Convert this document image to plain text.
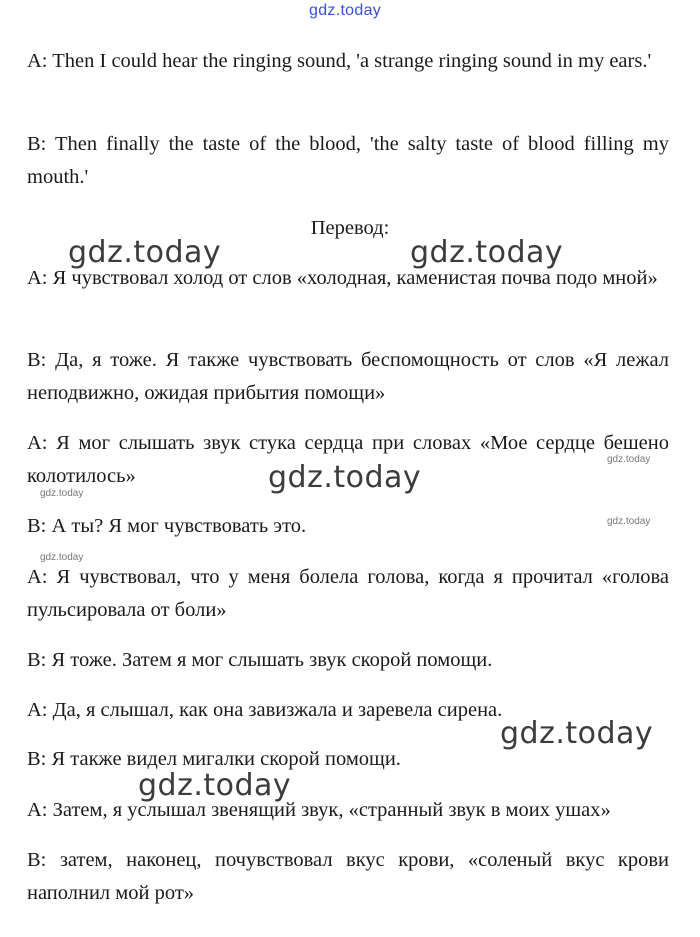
gdz.today

A: Then I could hear the ringing sound, 'a strange ringing sound in my ears.'

B: Then finally the taste of the blood, 'the salty taste of blood filling my mouth.'

Перевод:

A: Я чувствовал холод от слов «холодная, каменистая почва подо мной»

B: Да, я тоже. Я также чувствовать беспомощность от слов «Я лежал неподвижно, ожидая прибытия помощи»

A: Я мог слышать звук стука сердца при словах «Мое сердце бешено колотилось»

B: А ты? Я мог чувствовать это.

A: Я чувствовал, что у меня болела голова, когда я прочитал «голова пульсировала от боли»

B: Я тоже. Затем я мог слышать звук скорой помощи.

A: Да, я слышал, как она завизжала и заревела сирена.

B: Я также видел мигалки скорой помощи.

A: Затем, я услышал звенящий звук, «странный звук в моих ушах»

B: затем, наконец, почувствовал вкус крови, «соленый вкус крови наполнил мой рот»

gdz.today	gdz.today
gdz.today
gdz.today
gdz.today
gdz.today
gdz.today
gdz.today
gdz.today
